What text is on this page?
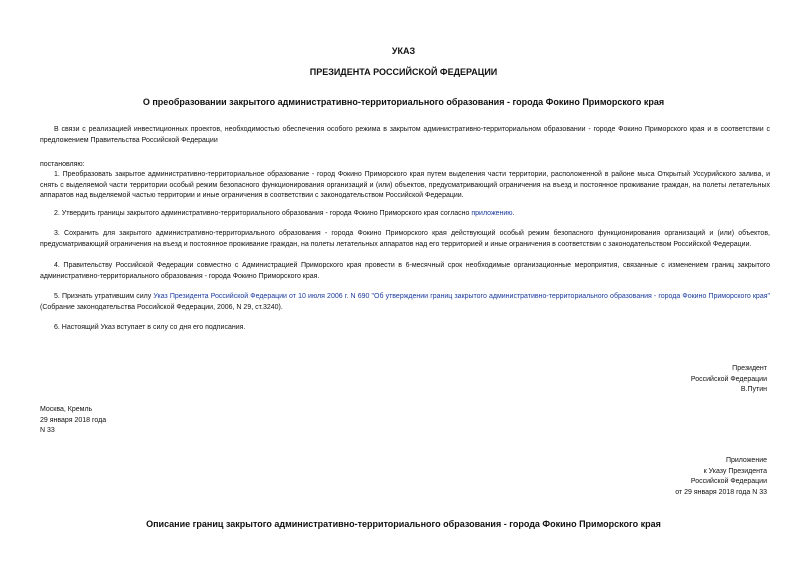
УКАЗ
ПРЕЗИДЕНТА РОССИЙСКОЙ ФЕДЕРАЦИИ
О преобразовании закрытого административно-территориального образования - города Фокино Приморского края

В связи с реализацией инвестиционных проектов, необходимостью обеспечения особого режима в закрытом административно-территориальном образовании - городе Фокино Приморского края и в соответствии с предложением Правительства Российской Федерации

постановляю:

1. Преобразовать закрытое административно-территориальное образование - город Фокино Приморского края путем выделения части территории, расположенной в районе мыса Открытый Уссурийского залива, и снять с выделяемой части территории особый режим безопасного функционирования организаций и (или) объектов, предусматривающий ограничения на въезд и постоянное проживание граждан, на полеты летательных аппаратов над выделяемой частью территории и иные ограничения в соответствии с законодательством Российской Федерации.

2. Утвердить границы закрытого административно-территориального образования - города Фокино Приморского края согласно приложению.

3. Сохранить для закрытого административно-территориального образования - города Фокино Приморского края действующий особый режим безопасного функционирования организаций и (или) объектов, предусматривающий ограничения на въезд и постоянное проживание граждан, на полеты летательных аппаратов над его территорией и иные ограничения в соответствии с законодательством Российской Федерации.

4. Правительству Российской Федерации совместно с Администрацией Приморского края провести в 6-месячный срок необходимые организационные мероприятия, связанные с изменением границ закрытого административно-территориального образования - города Фокино Приморского края.

5. Признать утратившим силу Указ Президента Российской Федерации от 10 июля 2006 г. N 690 "Об утверждении границ закрытого административно-территориального образования - города Фокино Приморского края" (Собрание законодательства Российской Федерации, 2006, N 29, ст.3240).

6. Настоящий Указ вступает в силу со дня его подписания.

Президент
Российской Федерации
В.Путин
Москва, Кремль
29 января 2018 года
N 33
Приложение
к Указу Президента
Российской Федерации
от 29 января 2018 года N 33
Описание границ закрытого административно-территориального образования - города Фокино Приморского края
